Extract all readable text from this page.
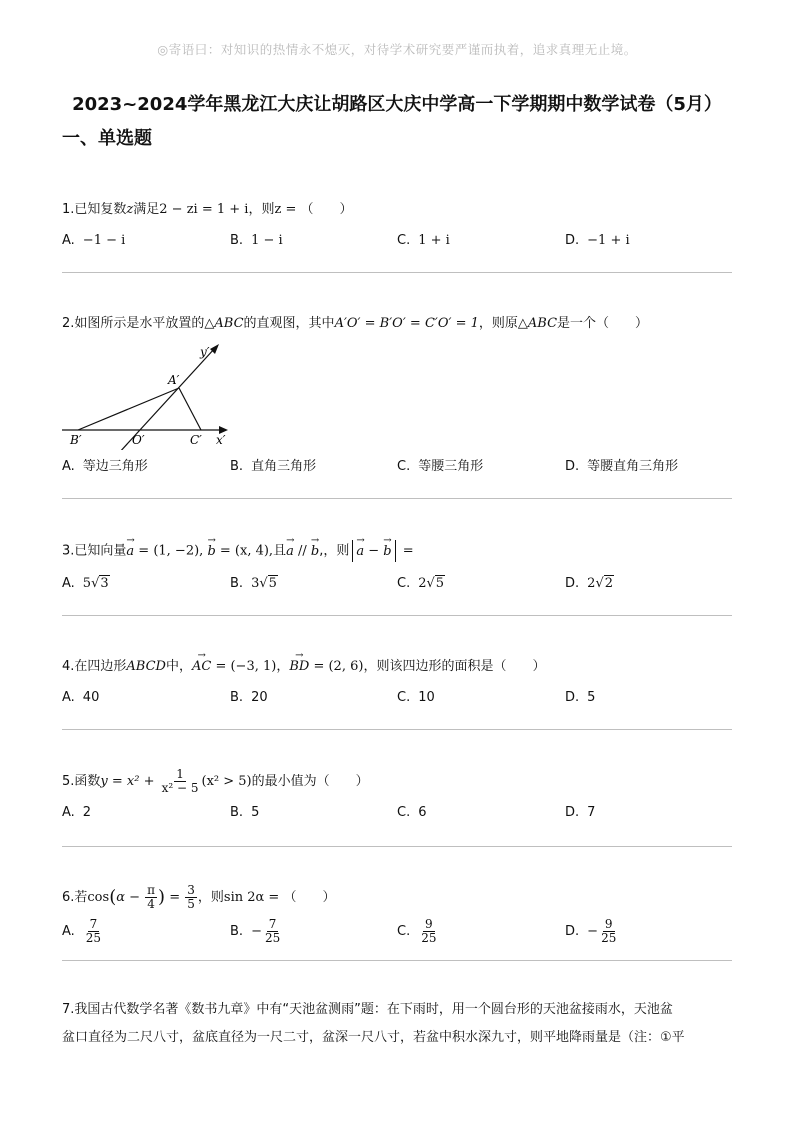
◎寄语曰：对知识的热情永不熄灭，对待学术研究要严谨而执着，追求真理无止境。
2023~2024学年黑龙江大庆让胡路区大庆中学高一下学期期中数学试卷（5月）
一、单选题
1.已知复数z满足2 − zi = 1 + i，则z = （　　）
A. −1 − i	B. 1 − i	C. 1 + i	D. −1 + i
2.如图所示是水平放置的△ABC的直观图，其中A′O′ = B′O′ = C′O′ = 1，则原△ABC是一个（　　）
y′
A′
B′	O′	C′ x′
A. 等边三角形	B. 直角三角形	C. 等腰三角形	D. 等腰直角三角形
3.已知向量→ a = (1, −2), → b = (x, 4),且→ a // → b,，则→ a − → b =
A. 5√3	B. 3√5	C. 2√5	D. 2√2
4.在四边形ABCD中，→ AC = (−3, 1)，→ BD = (2, 6)，则该四边形的面积是（　　）
A. 40	B. 20	C. 10	D. 5
5.函数$y = x^2 + \frac{1}{\text{x² − 5}} (x^2 > 5)$的最小值为（　　）
A. 2	B. 5	C. 6	D. 7
6.若$\cos(\alpha - \frac{\pi}{4}$ ) = $\frac{3}{5}$ ，则sin 2α = （　　）
A. $\frac{7}{25}$	B. − $\frac{7}{25}$	C. $\frac{9}{25}$	D. − $\frac{9}{25}$
7.我国古代数学名著《数书九章》中有“天池盆测雨”题：在下雨时，用一个圆台形的天池盆接雨水，天池盆
盆口直径为二尺八寸，盆底直径为一尺二寸，盆深一尺八寸，若盆中积水深九寸，则平地降雨量是（注：①平
